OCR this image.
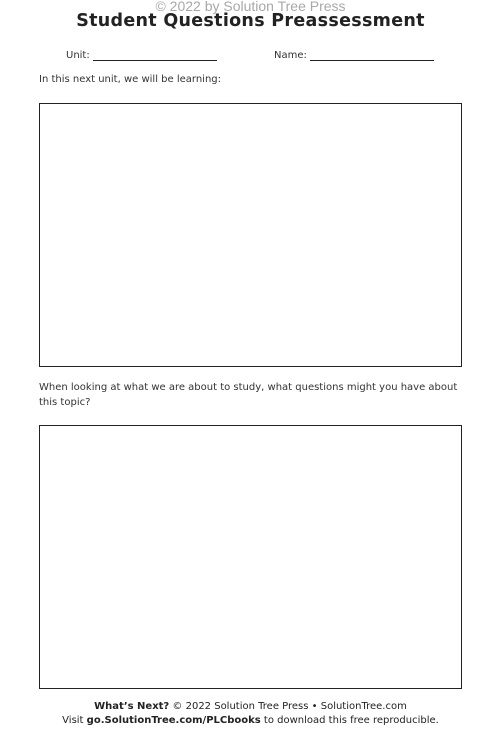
© 2022 by Solution Tree Press
Student Questions Preassessment
Unit:	Name:
In this next unit, we will be learning:
When looking at what we are about to study, what questions might you have about this topic?
What’s Next? © 2022 Solution Tree Press • SolutionTree.com
Visit go.SolutionTree.com/PLCbooks to download this free reproducible.
